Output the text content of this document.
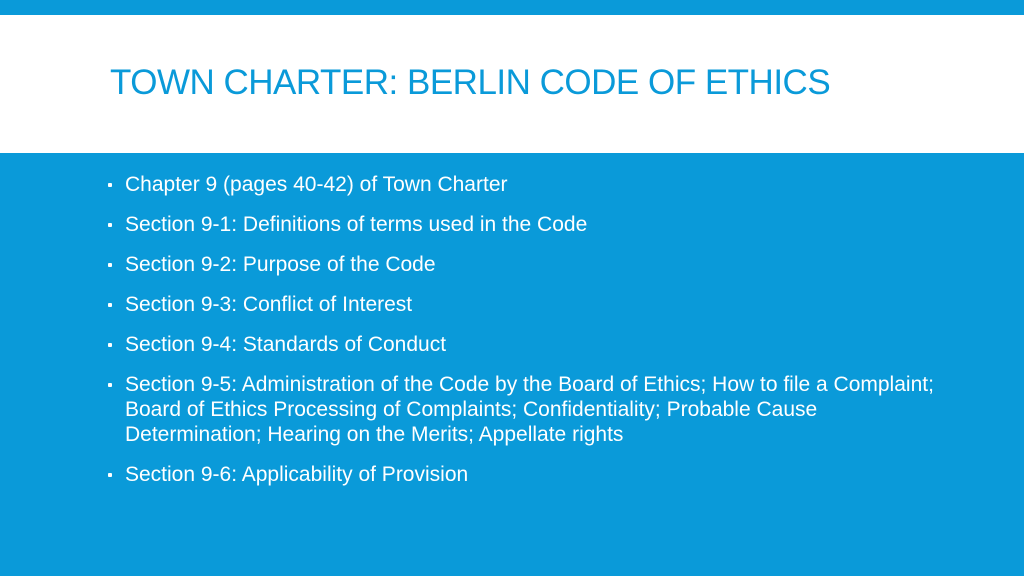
TOWN CHARTER: BERLIN CODE OF ETHICS
Chapter 9 (pages 40-42) of Town Charter
Section 9-1: Definitions of terms used in the Code
Section 9-2: Purpose of the Code
Section 9-3: Conflict of Interest
Section 9-4: Standards of Conduct
Section 9-5: Administration of the Code by the Board of Ethics; How to file a Complaint; Board of Ethics Processing of Complaints; Confidentiality; Probable Cause Determination; Hearing on the Merits; Appellate rights
Section 9-6: Applicability of Provision
